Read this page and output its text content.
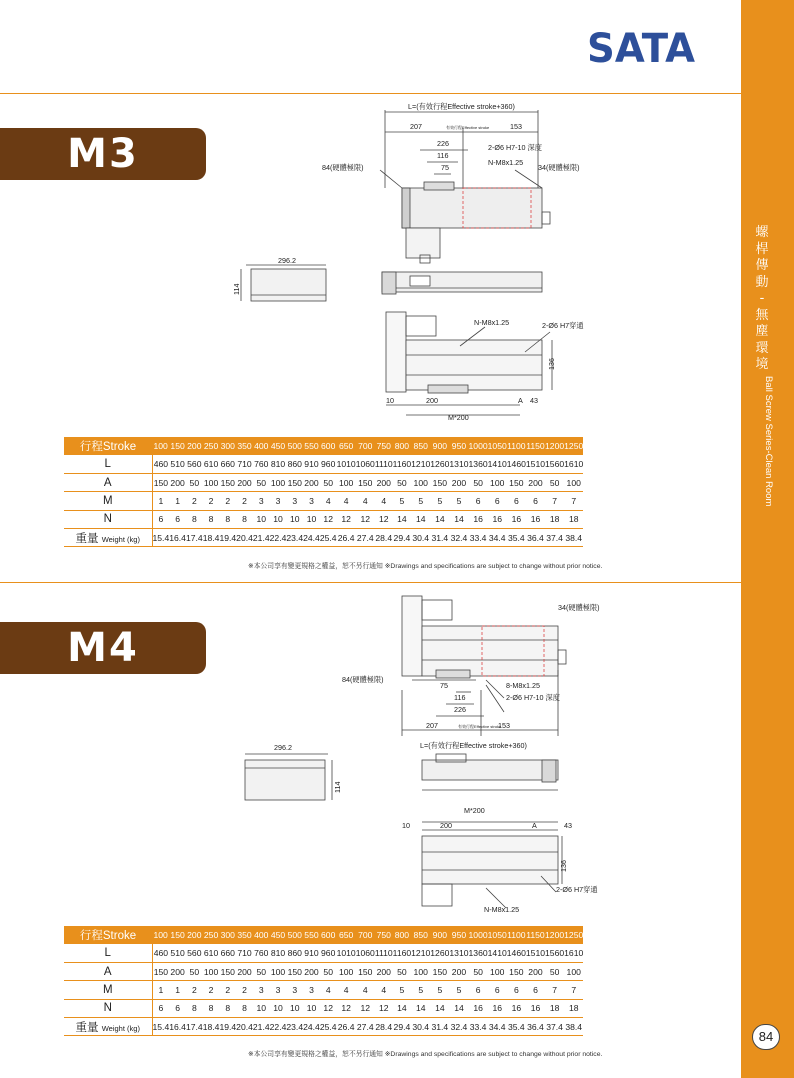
螺
桿
傳
動
-
無
塵
環
境
Ball Screw Series-Clean Room
84
SATA
M3
L=(有效行程Effective stroke+360)
207	有效行程Effective stroke	153
226
116
75
2-Ø6 H7-10 深度
N-M8x1.25
84(硬體極限)	34(硬體極限)
N-M8x1.25	2-Ø6 H7穿通
136
10	200	A 43
M*200
296.2
114
行程Stroke	100	150	200	250	300	350	400	450	500	550	600	650	700	750	800	850	900	950	1000	1050	1100	1150	1200	1250
L	460	510	560	610	660	710	760	810	860	910	960	1010	1060	1110	1160	1210	1260	1310	1360	1410	1460	1510	1560	1610
A	150	200	50	100	150	200	50	100	150	200	50	100	150	200	50	100	150	200	50	100	150	200	50	100
M	1	1	2	2	2	2	3	3	3	3	4	4	4	4	5	5	5	5	6	6	6	6	7	7
N	6	6	8	8	8	8	10	10	10	10	12	12	12	12	14	14	14	14	16	16	16	16	18	18
重量 Weight (kg)	15.4	16.4	17.4	18.4	19.4	20.4	21.4	22.4	23.4	24.4	25.4	26.4	27.4	28.4	29.4	30.4	31.4	32.4	33.4	34.4	35.4	36.4	37.4	38.4
※本公司享有變更規格之權益，恕不另行通知 ※Drawings and specifications are subject to change without prior notice.
M4
34(硬體極限)
84(硬體極限)
75
116
226
8-M8x1.25
2-Ø6 H7-10 深度
207	有效行程Effective stroke
153
L=(有效行程Effective stroke+360)
M*200
10	200	A	43
136
2-Ø6 H7穿通
N-M8x1.25
296.2
114
行程Stroke	100	150	200	250	300	350	400	450	500	550	600	650	700	750	800	850	900	950	1000	1050	1100	1150	1200	1250
L	460	510	560	610	660	710	760	810	860	910	960	1010	1060	1110	1160	1210	1260	1310	1360	1410	1460	1510	1560	1610
A	150	200	50	100	150	200	50	100	150	200	50	100	150	200	50	100	150	200	50	100	150	200	50	100
M	1	1	2	2	2	2	3	3	3	3	4	4	4	4	5	5	5	5	6	6	6	6	7	7
N	6	6	8	8	8	8	10	10	10	10	12	12	12	12	14	14	14	14	16	16	16	16	18	18
重量 Weight (kg)	15.4	16.4	17.4	18.4	19.4	20.4	21.4	22.4	23.4	24.4	25.4	26.4	27.4	28.4	29.4	30.4	31.4	32.4	33.4	34.4	35.4	36.4	37.4	38.4
※本公司享有變更規格之權益，恕不另行通知 ※Drawings and specifications are subject to change without prior notice.
